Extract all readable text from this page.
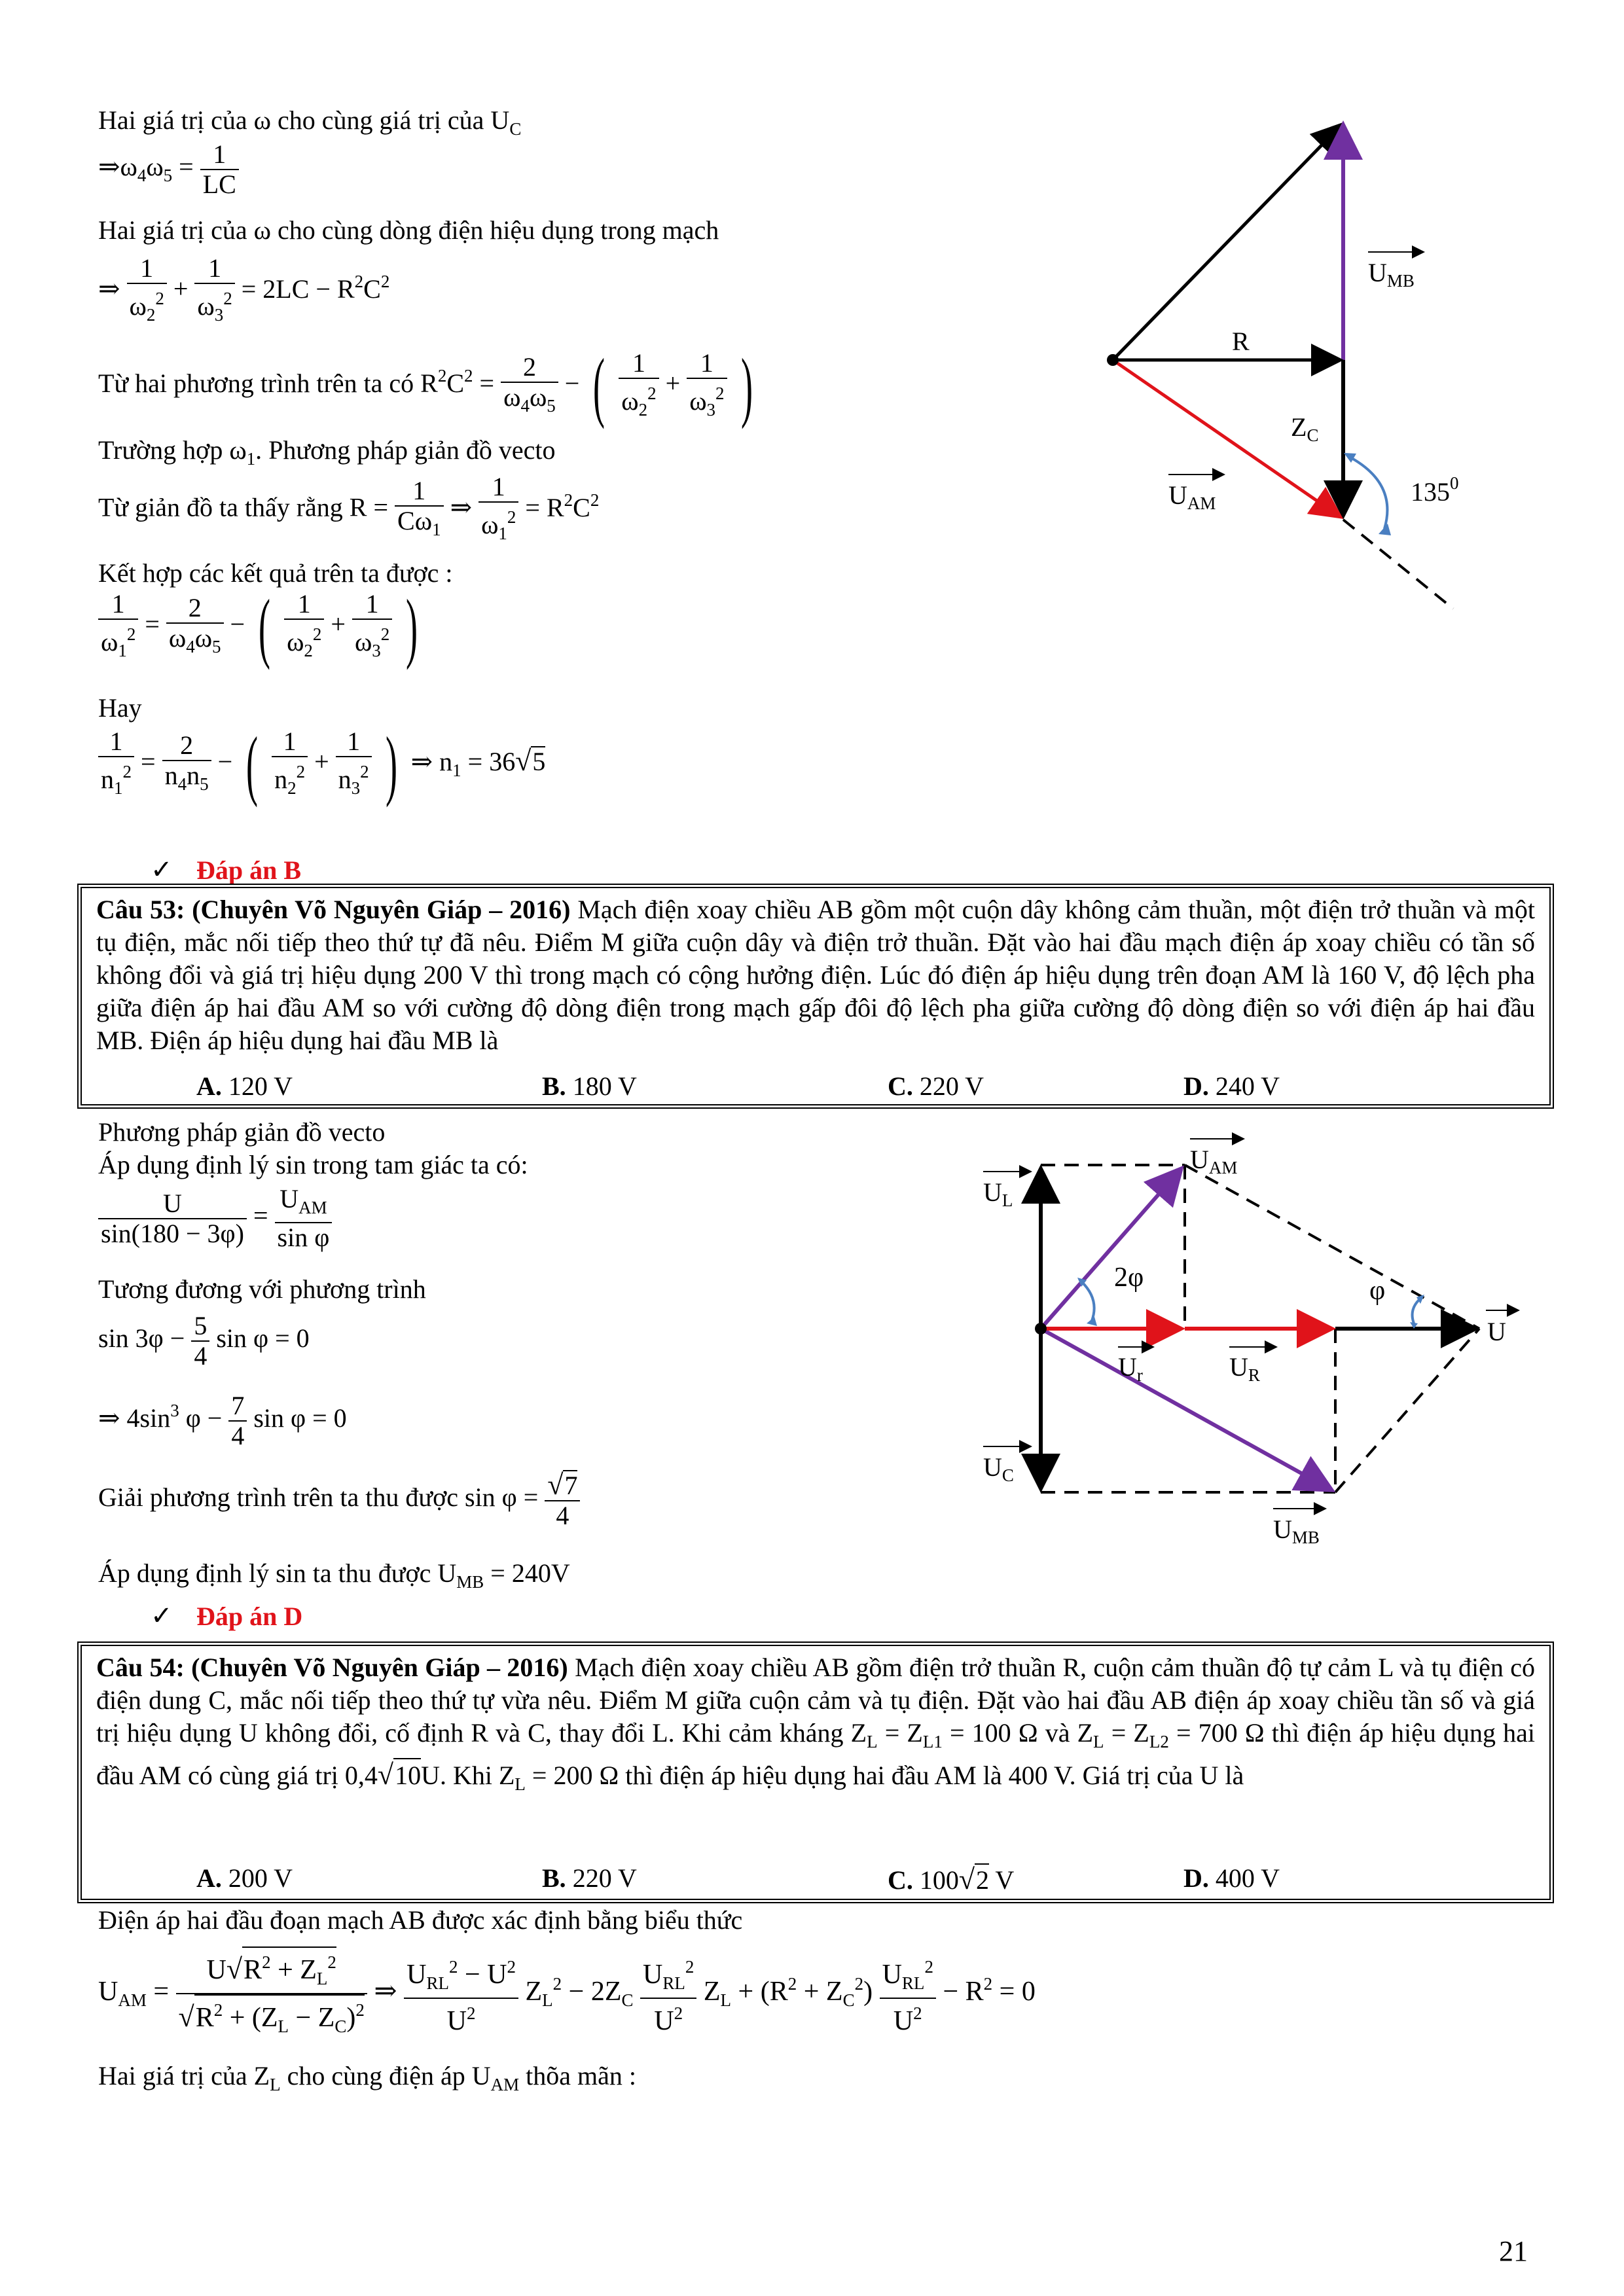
Hai giá trị của ω cho cùng giá trị của $U_C$
$\Rightarrow\omega_4\omega_5 = \frac{1}{LC}$
Hai giá trị của ω cho cùng dòng điện hiệu dụng trong mạch
⇒ $\frac{1}{\omega_2^2} + \frac{1}{\omega_3^2} = 2LC - R^2C^2$
Từ hai phương trình trên ta có $R^2C^2 = \frac{2}{\omega_4\omega_5}$ − ( $\frac{1}{\omega_2^2} + \frac{1}{\omega_3^2}$ )
Trường hợp $\omega_1$. Phương pháp giản đồ vecto
Từ giản đồ ta thấy rằng $R = \frac{1}{C\omega_1}$ ⇒ $\frac{1}{\omega_1^2} = R^2C^2$
Kết hợp các kết quả trên ta được :
$\frac{1}{\omega_1^2} = \frac{2}{\omega_4\omega_5}$ − ( $\frac{1}{\omega_2^2} + \frac{1}{\omega_3^2}$ )
Hay
$\frac{1}{n_1^2} = \frac{2}{n_4n_5}$ − ( $\frac{1}{n_2^2} + \frac{1}{n_3^2}$ ) ⇒ $n_1 = 36√5$
✓ Đáp án B
R
$Z_C$
$U_{MB}$
$U_{AM}$	$135^0$
Câu 53: (Chuyên Võ Nguyên Giáp – 2016) Mạch điện xoay chiều AB gồm một cuộn dây không cảm thuần, một điện trở thuần và một tụ điện, mắc nối tiếp theo thứ tự đã nêu. Điểm M giữa cuộn dây và điện trở thuần. Đặt vào hai đầu mạch điện áp xoay chiều có tần số không đổi và giá trị hiệu dụng 200 V thì trong mạch có cộng hưởng điện. Lúc đó điện áp hiệu dụng trên đoạn AM là 160 V, độ lệch pha giữa điện áp hai đầu AM so với cường độ dòng điện trong mạch gấp đôi độ lệch pha giữa cường độ dòng điện so với điện áp hai đầu MB. Điện áp hiệu dụng hai đầu MB là
A. 120 V	B. 180 V	C. 220 V	D. 240 V
Phương pháp giản đồ vecto
Áp dụng định lý sin trong tam giác ta có:
$\frac{U}{\sin(180 - 3\varphi)}$ =
$U_{AM}$
sin φ
Tương đương với phương trình
$\sin 3\varphi - \frac{5}{4}$ sin φ = 0
⇒ $4\sin^3$ $\varphi - \frac{7}{4}$ sin φ = 0
Giải phương trình trên ta thu được $\sin \varphi = \frac{√7}{4}$
Áp dụng định lý sin ta thu được $U_{MB} = 240V$
✓ Đáp án D
2φ	φ
$U_{AM}$
$U_L$
$U_C$
$U_r$	$U_R$
U
$U_{MB}$
Câu 54: (Chuyên Võ Nguyên Giáp – 2016) Mạch điện xoay chiều AB gồm điện trở thuần R, cuộn cảm thuần độ tự cảm L và tụ điện có điện dung C, mắc nối tiếp theo thứ tự vừa nêu. Điểm M giữa cuộn cảm và tụ điện. Đặt vào hai đầu AB điện áp xoay chiều tần số và giá trị hiệu dụng U không đổi, cố định R và C, thay đổi L. Khi cảm kháng $Z_L = Z_{L1} = 100$ Ω và $Z_L = Z_{L2} = 700$ Ω thì điện áp hiệu dụng hai đầu AM có cùng giá trị 0,4√10U. Khi $Z_L = 200$ Ω thì điện áp hiệu dụng hai đầu AM là 400 V. Giá trị của U là
A. 200 V	B. 220 V	C. 100√2 V	D. 400 V
Điện áp hai đầu đoạn mạch AB được xác định bằng biểu thức
$U_{AM} = \frac{U√R^2 + Z_L^2}{√R^2 + (Z_L - Z_C)^2}$ ⇒
$U_{RL}^2 - U^2$
$U^2$
$Z_L^2 - 2Z_C$
$U_{RL}^2$
$U^2$
$Z_L + (R^2 + Z_C^2)$
$U_{RL}^2$
$U^2$
− $R^2 = 0$
Hai giá trị của $Z_L$ cho cùng điện áp $U_{AM}$ thõa mãn :
21
